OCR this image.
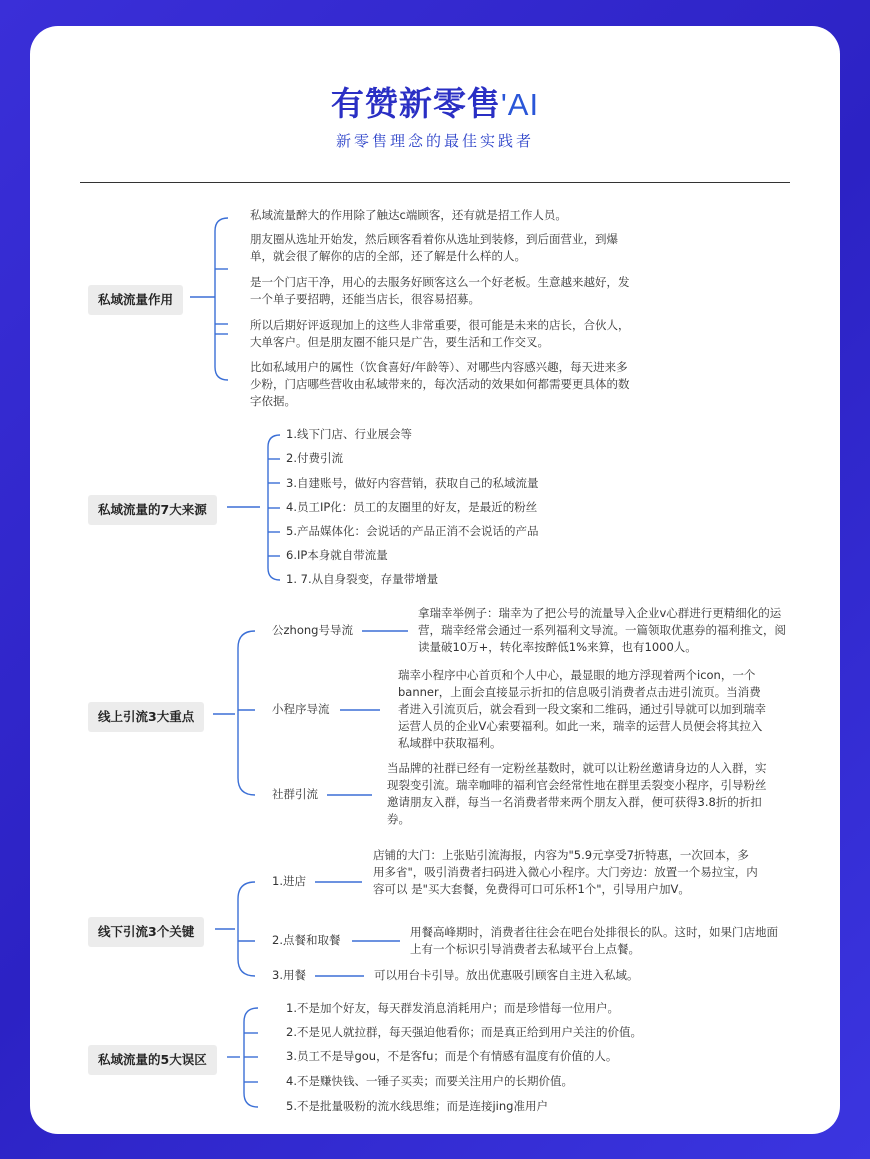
有赞新零售'AI
新零售理念的最佳实践者
私域流量作用
私域流量醉大的作用除了触达c端顾客，还有就是招工作人员。
朋友圈从选址开始发，然后顾客看着你从选址到装修，到后面营业，到爆单，就会很了解你的店的全部，还了解是什么样的人。
是一个门店干净，用心的去服务好顾客这么一个好老板。生意越来越好，发一个单子要招聘，还能当店长，很容易招募。
所以后期好评返现加上的这些人非常重要，很可能是未来的店长，合伙人，大单客户。但是朋友圈不能只是广告，要生活和工作交叉。
比如私域用户的属性（饮食喜好/年龄等）、对哪些内容感兴趣，每天进来多少粉，门店哪些营收由私域带来的，每次活动的效果如何都需要更具体的数字依据。
私域流量的7大来源
1.线下门店、行业展会等
2.付费引流
3.自建账号，做好内容营销，获取自己的私域流量
4.员工IP化：员工的友圈里的好友，是最近的粉丝
5.产品媒体化：会说话的产品正消不会说话的产品
6.IP本身就自带流量
1. 7.从自身裂变，存量带增量
线上引流3大重点
公zhong号导流
拿瑞幸举例子：瑞幸为了把公号的流量导入企业v心群进行更精细化的运营，瑞幸经常会通过一系列福利文导流。一篇领取优惠券的福利推文，阅读量破10万+，转化率按醉低1%来算，也有1000人。
小程序导流
瑞幸小程序中心首页和个人中心，最显眼的地方浮现着两个icon，一个banner，上面会直接显示折扣的信息吸引消费者点击进引流页。当消费者进入引流页后，就会看到一段文案和二维码，通过引导就可以加到瑞幸运营人员的企业V心索要福利。如此一来，瑞幸的运营人员便会将其拉入私域群中获取福利。
社群引流
当品牌的社群已经有一定粉丝基数时，就可以让粉丝邀请身边的人入群，实现裂变引流。瑞幸咖啡的福利官会经常性地在群里丢裂变小程序，引导粉丝邀请朋友入群，每当一名消费者带来两个朋友入群，便可获得3.8折的折扣券。
线下引流3个关键
1.进店
店铺的大门：上张贴引流海报，内容为"5.9元享受7折特惠，一次回本，多用多省"，吸引消费者扫码进入微心小程序。大门旁边：放置一个易拉宝，内容可以 是"买大套餐，免费得可口可乐杯1个"，引导用户加V。
2.点餐和取餐
用餐高峰期时，消费者往往会在吧台处排很长的队。这时，如果门店地面上有一个标识引导消费者去私域平台上点餐。
3.用餐	可以用台卡引导。放出优惠吸引顾客自主进入私域。
私域流量的5大误区
1.不是加个好友，每天群发消息消耗用户；而是珍惜每一位用户。
2.不是见人就拉群，每天强迫他看你；而是真正给到用户关注的价值。
3.员工不是导gou，不是客fu；而是个有情感有温度有价值的人。
4.不是赚快钱、一锤子买卖；而要关注用户的长期价值。
5.不是批量吸粉的流水线思维；而是连接jing准用户
